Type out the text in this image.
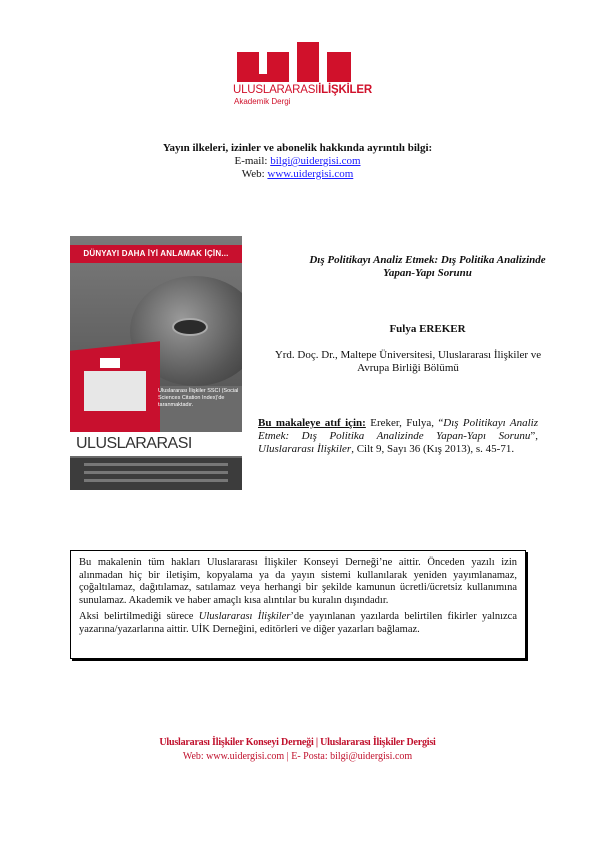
ULUSLARARASIİLİŞKİLER
Akademik Dergi
Yayın ilkeleri, izinler ve abonelik hakkında ayrıntılı bilgi:
E-mail: bilgi@uidergisi.com
Web: www.uidergisi.com
DÜNYAYI DAHA İYİ ANLAMAK İÇİN...
Uluslararası İlişkiler SSCI (Social Sciences Citation Index)'de taranmaktadır.
ULUSLARARASI
Dış Politikayı Analiz Etmek: Dış Politika Analizinde Yapan-Yapı Sorunu
Fulya EREKER
Yrd. Doç. Dr., Maltepe Üniversitesi, Uluslararası İlişkiler ve Avrupa Birliği Bölümü
Bu makaleye atıf için: Ereker, Fulya, “Dış Politikayı Analiz Etmek: Dış Politika Analizinde Yapan-Yapı Sorunu”, Uluslararası İlişkiler, Cilt 9, Sayı 36 (Kış 2013), s. 45-71.

Bu makalenin tüm hakları Uluslararası İlişkiler Konseyi Derneği’ne aittir. Önceden yazılı izin alınmadan hiç bir iletişim, kopyalama ya da yayın sistemi kullanılarak yeniden yayımlanamaz, çoğaltılamaz, dağıtılamaz, satılamaz veya herhangi bir şekilde kamunun ücretli/ücretsiz kullanımına sunulamaz. Akademik ve haber amaçlı kısa alıntılar bu kuralın dışındadır.

Aksi belirtilmediği sürece Uluslararası İlişkiler’de yayınlanan yazılarda belirtilen fikirler yalnızca yazarına/yazarlarına aittir. UİK Derneğini, editörleri ve diğer yazarları bağlamaz.

Uluslararası İlişkiler Konseyi Derneği | Uluslararası İlişkiler Dergisi
Web: www.uidergisi.com | E- Posta: bilgi@uidergisi.com
